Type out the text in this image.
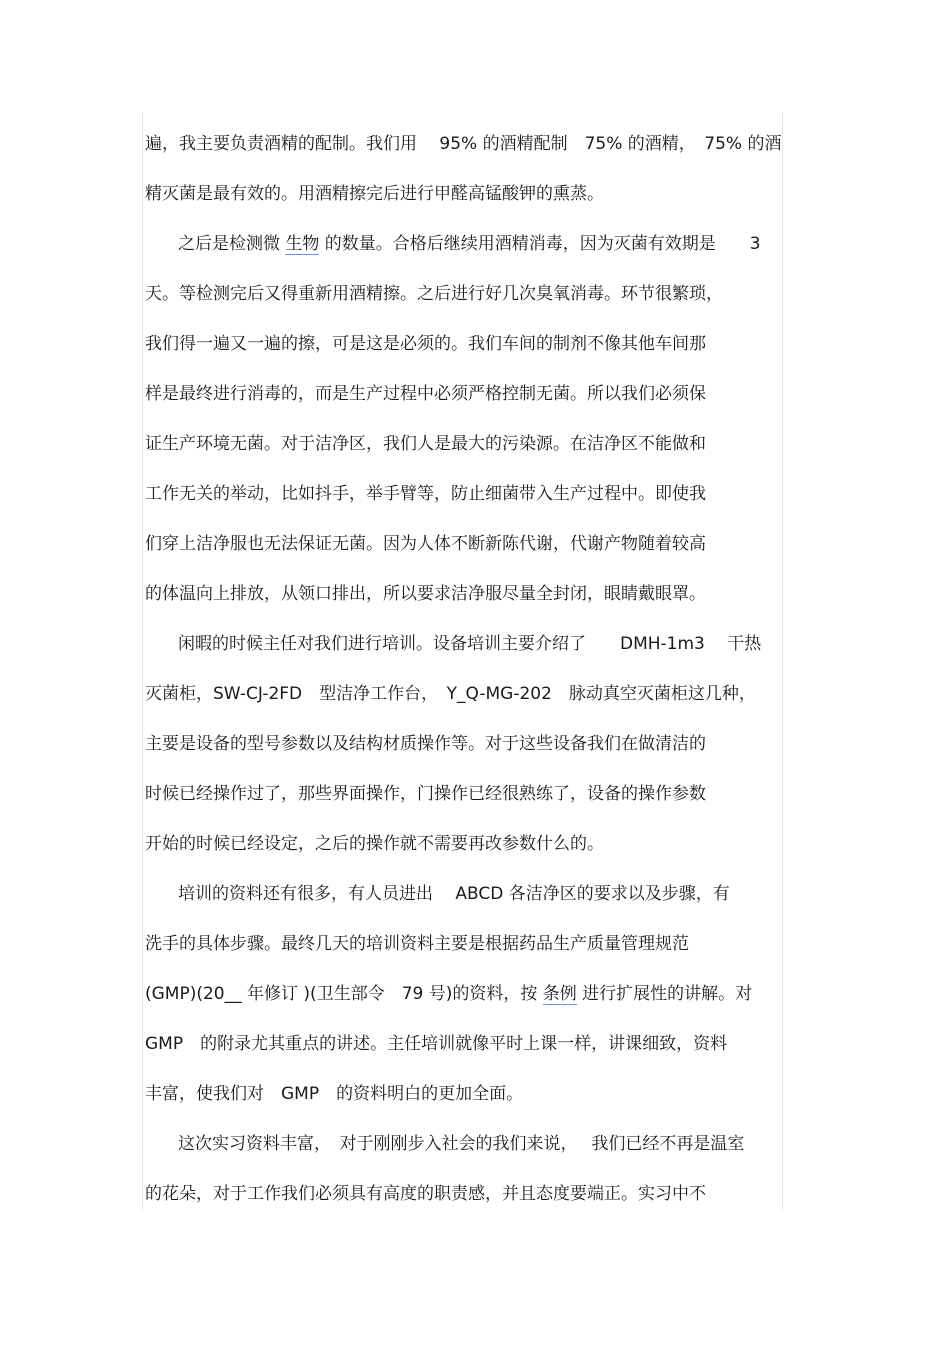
遍，我主要负责酒精的配制。我们用　 95% 的酒精配制　75% 的酒精，　75% 的酒
精灭菌是最有效的。用酒精擦完后进行甲醛高锰酸钾的熏蒸。
之后是检测微 生物 的数量。合格后继续用酒精消毒，因为灭菌有效期是　　3
天。等检测完后又得重新用酒精擦。之后进行好几次臭氧消毒。环节很繁琐，
我们得一遍又一遍的擦，可是这是必须的。我们车间的制剂不像其他车间那
样是最终进行消毒的，而是生产过程中必须严格控制无菌。所以我们必须保
证生产环境无菌。对于洁净区，我们人是最大的污染源。在洁净区不能做和
工作无关的举动，比如抖手，举手臂等，防止细菌带入生产过程中。即使我
们穿上洁净服也无法保证无菌。因为人体不断新陈代谢，代谢产物随着较高
的体温向上排放，从领口排出，所以要求洁净服尽量全封闭，眼睛戴眼罩。
闲暇的时候主任对我们进行培训。设备培训主要介绍了　　DMH-1m3　 干热
灭菌柜，SW-CJ-2FD　型洁净工作台，　Y_Q-MG-202　脉动真空灭菌柜这几种，
主要是设备的型号参数以及结构材质操作等。对于这些设备我们在做清洁的
时候已经操作过了，那些界面操作，门操作已经很熟练了，设备的操作参数
开始的时候已经设定，之后的操作就不需要再改参数什么的。
培训的资料还有很多，有人员进出　 ABCD 各洁净区的要求以及步骤，有
洗手的具体步骤。最终几天的培训资料主要是根据药品生产质量管理规范
(GMP)(20__ 年修订 )(卫生部令　79 号)的资料，按 条例 进行扩展性的讲解。对
GMP　的附录尤其重点的讲述。主任培训就像平时上课一样，讲课细致，资料
丰富，使我们对　GMP　的资料明白的更加全面。
这次实习资料丰富，　对于刚刚步入社会的我们来说，　 我们已经不再是温室
的花朵，对于工作我们必须具有高度的职责感，并且态度要端正。实习中不
